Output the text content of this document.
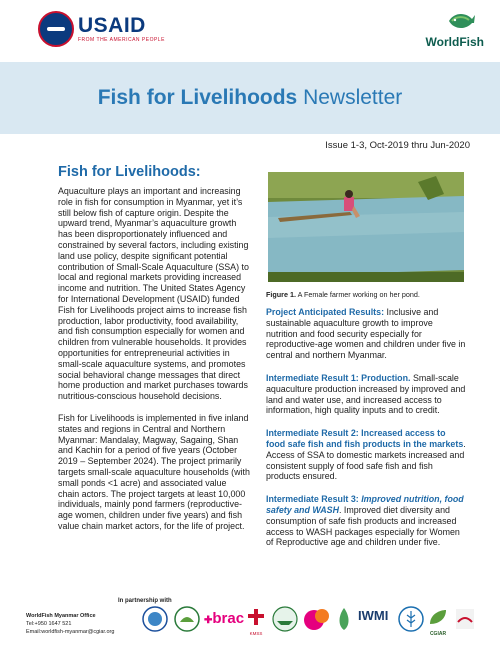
USAID
FROM THE AMERICAN PEOPLE	WorldFish
Fish for Livelihoods Newsletter
Issue 1-3, Oct-2019 thru Jun-2020
Fish for Livelihoods:

Aquaculture plays an important and increasing role in fish for consumption in Myanmar, yet it’s still below fish of capture origin. Despite the upward trend, Myanmar’s aquaculture growth has been disproportionately influenced and constrained by several factors, including existing land use policy, despite significant potential contribution of Small-Scale Aquaculture (SSA) to local and regional markets providing increased income and nutrition. The United States Agency for International Development (USAID) funded Fish for Livelihoods project aims to increase fish production, labor productivity, food availability, and fish consumption especially for women and children from vulnerable households. It provides opportunities for entrepreneurial activities in small-scale aquaculture systems, and promotes social behavioral change messages that direct home production and market purchases towards nutritious-conscious household decisions.

Fish for Livelihoods is implemented in five inland states and regions in Central and Northern Myanmar: Mandalay, Magway, Sagaing, Shan and Kachin for a period of five years (October 2019 – September 2024). The project primarily targets small-scale aquaculture households (with small ponds <1 acre) and associated value chain actors. The project targets at least 10,000 individuals, mainly pond farmers (reproductive-age women, children under five years) and fish value chain market actors, for the life of project.

Figure 1. A Female farmer working on her pond.
Project Anticipated Results: Inclusive and sustainable aquaculture growth to improve nutrition and food security especially for reproductive-age women and children under five in central and northern Myanmar.
Intermediate Result 1: Production. Small-scale aquaculture production increased by improved and land and water use, and increased access to information, high quality inputs and to credit.
Intermediate Result 2: Increased access to food safe fish and fish products in the markets. Access of SSA to domestic markets increased and consistent supply of food safe fish and fish products ensured.
Intermediate Result 3: Improved nutrition, food safety and WASH. Improved diet diversity and consumption of safe fish products and increased access to WASH packages especially for Women of Reproductive age and children under five.
In partnership with
WorldFish Myanmar Office
Tel:+950 1647 521
Email:worldfish-myanmar@cgiar.org
✚brac
KMSS
IWMI
CGIAR
